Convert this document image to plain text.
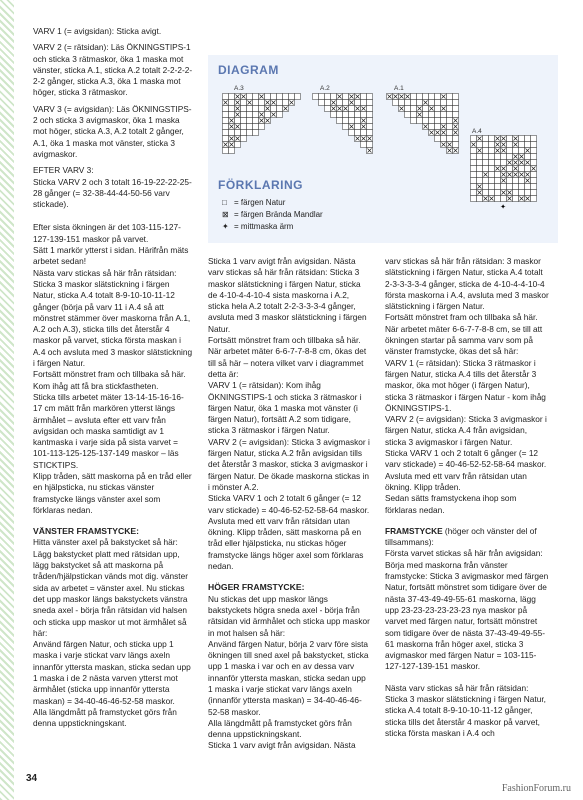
VARV 1 (= avigsidan): Sticka avigt.

VARV 2 (= rätsidan): Läs ÖKNINGSTIPS-1 och sticka 3 rätmaskor, öka 1 maska mot vänster, sticka A.1, sticka A.2 totalt 2-2-2-2-2-2 gånger, sticka A.3, öka 1 maska mot höger, sticka 3 rätmaskor.

VARV 3 (= avigsidan): Läs ÖKNINGSTIPS-2 och sticka 3 avigmaskor, öka 1 maska mot höger, sticka A.3, A.2 totalt 2 gånger, A.1, öka 1 maska mot vänster, sticka 3 avigmaskor.

EFTER VARV 3:

Sticka VARV 2 och 3 totalt 16-19-22-22-25-28 gånger (= 32-38-44-44-50-56 varv stickade).

Efter sista ökningen är det 103-115-127-127-139-151 maskor på varvet.

Sätt 1 markör ytterst i sidan. Härifrån mäts arbetet sedan!

Nästa varv stickas så här från rätsidan: Sticka 3 maskor slätstickning i färgen Natur, sticka A.4 totalt 8-9-10-10-11-12 gånger (börja på varv 11 i A.4 så att mönstret stämmer över maskorna från A.1, A.2 och A.3), sticka tills det återstår 4 maskor på varvet, sticka första maskan i A.4 och avsluta med 3 maskor slätstickning i färgen Natur.

Fortsätt mönstret fram och tillbaka så här. Kom ihåg att få bra stickfastheten.

Sticka tills arbetet mäter 13-14-15-16-16-17 cm mätt från markören ytterst längs ärmhålet – avsluta efter ett varv från avigsidan och maska samtidigt av 1 kantmaska i varje sida på sista varvet = 101-113-125-125-137-149 maskor – läs STICKTIPS.

Klipp tråden, sätt maskorna på en tråd eller en hjälpsticka, nu stickas vänster framstycke längs vänster axel som förklaras nedan.

VÄNSTER FRAMSTYCKE:

Hitta vänster axel på bakstycket så här: Lägg bakstycket platt med rätsidan upp, lägg bakstycket så att maskorna på tråden/hjälpstickan vänds mot dig. vänster sida av arbetet = vänster axel. Nu stickas det upp maskor längs bakstyckets vänstra sneda axel - börja från rätsidan vid halsen och sticka upp maskor ut mot ärmhålet så här:

Använd färgen Natur, och sticka upp 1 maska i varje stickat varv längs axeln innanför yttersta maskan, sticka sedan upp 1 maska i de 2 nästa varven ytterst mot ärmhålet (sticka upp innanför yttersta maskan) = 34-40-46-46-52-58 maskor.

Alla längdmått på framstycket görs från denna uppstickningskant.

DIAGRAM
A.3	A.2	A.1
A.4
✦
FÖRKLARING
□ = färgen Natur
⊠ = färgen Brända Mandlar
✦ = mittmaska ärm

Sticka 1 varv avigt från avigsidan. Nästa varv stickas så här från rätsidan: Sticka 3 maskor slätstickning i färgen Natur, sticka de 4-10-4-4-10-4 sista maskorna i A.2, sticka hela A.2 totalt 2-2-3-3-3-4 gånger, avsluta med 3 maskor slätstickning i färgen Natur.

Fortsätt mönstret fram och tillbaka så här. När arbetet mäter 6-6-7-7-8-8 cm, ökas det till så här – notera vilket varv i diagrammet detta är:

VARV 1 (= rätsidan): Kom ihåg ÖKNINGSTIPS-1 och sticka 3 rätmaskor i färgen Natur, öka 1 maska mot vänster (i färgen Natur), fortsätt A.2 som tidigare, sticka 3 rätmaskor i färgen Natur.

VARV 2 (= avigsidan): Sticka 3 avigmaskor i färgen Natur, sticka A.2 från avigsidan tills det återstår 3 maskor, sticka 3 avigmaskor i färgen Natur. De ökade maskorna stickas in i mönster A.2.

Sticka VARV 1 och 2 totalt 6 gånger (= 12 varv stickade) = 40-46-52-52-58-64 maskor. Avsluta med ett varv från rätsidan utan ökning. Klipp tråden, sätt maskorna på en tråd eller hjälpsticka, nu stickas höger framstycke längs höger axel som förklaras nedan.

HÖGER FRAMSTYCKE:

Nu stickas det upp maskor längs bakstyckets högra sneda axel - börja från rätsidan vid ärmhålet och sticka upp maskor in mot halsen så här:

Använd färgen Natur, börja 2 varv före sista ökningen till sned axel på bakstycket, sticka upp 1 maska i var och en av dessa varv innanför yttersta maskan, sticka sedan upp 1 maska i varje stickat varv längs axeln (innanför yttersta maskan) = 34-40-46-46-52-58 maskor.

Alla längdmått på framstycket görs från denna uppstickningskant.

Sticka 1 varv avigt från avigsidan. Nästa

varv stickas så här från rätsidan: 3 maskor slätstickning i färgen Natur, sticka A.4 totalt 2-3-3-3-3-4 gånger, sticka de 4-10-4-4-10-4 första maskorna i A.4, avsluta med 3 maskor slätstickning i färgen Natur.

Fortsätt mönstret fram och tillbaka så här. När arbetet mäter 6-6-7-7-8-8 cm, se till att ökningen startar på samma varv som på vänster framstycke, ökas det så här:

VARV 1 (= rätsidan): Sticka 3 rätmaskor i färgen Natur, sticka A.4 tills det återstår 3 maskor, öka mot höger (i färgen Natur), sticka 3 rätmaskor i färgen Natur - kom ihåg ÖKNINGSTIPS-1.

VARV 2 (= avigsidan): Sticka 3 avigmaskor i färgen Natur, sticka A.4 från avigsidan, sticka 3 avigmaskor i färgen Natur.

Sticka VARV 1 och 2 totalt 6 gånger (= 12 varv stickade) = 40-46-52-52-58-64 maskor. Avsluta med ett varv från rätsidan utan ökning. Klipp tråden.

Sedan sätts framstyckena ihop som förklaras nedan.

FRAMSTYCKE (höger och vänster del of tillsammans):

Första varvet stickas så här från avigsidan: Börja med maskorna från vänster framstycke: Sticka 3 avigmaskor med färgen Natur, fortsätt mönstret som tidigare över de nästa 37-43-49-49-55-61 maskorna, lägg upp 23-23-23-23-23-23 nya maskor på varvet med färgen natur, fortsätt mönstret som tidigare över de nästa 37-43-49-49-55-61 maskorna från höger axel, sticka 3 avigmaskor med färgen Natur = 103-115-127-127-139-151 maskor.

Nästa varv stickas så här från rätsidan: Sticka 3 maskor slätstickning i färgen Natur, sticka A.4 totalt 8-9-10-10-11-12 gånger, sticka tills det återstår 4 maskor på varvet, sticka första maskan i A.4 och

34
FashionForum.ru
